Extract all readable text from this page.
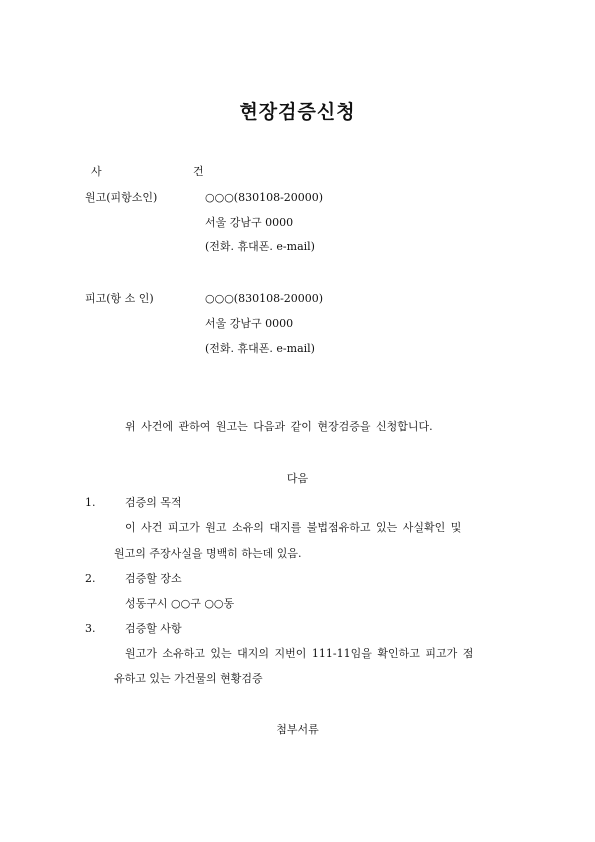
현장검증신청
사	건
원고(피항소인)	○○○(830108-20000)
서울 강남구 0000
(전화. 휴대폰. e-mail)
피고(항 소 인)	○○○(830108-20000)
서울 강남구 0000
(전화. 휴대폰. e-mail)
위 사건에 관하여 원고는 다음과 같이 현장검증을 신청합니다.
다음
1.	검증의 목적
이 사건 피고가 원고 소유의 대지를 불법점유하고 있는 사실확인 및
원고의 주장사실을 명백히 하는데 있음.
2.	검증할 장소
성동구시 ○○구 ○○동
3.	검증할 사항
원고가 소유하고 있는 대지의 지번이 111-11임을 확인하고 피고가 점
유하고 있는 가건물의 현황검증
첨부서류
